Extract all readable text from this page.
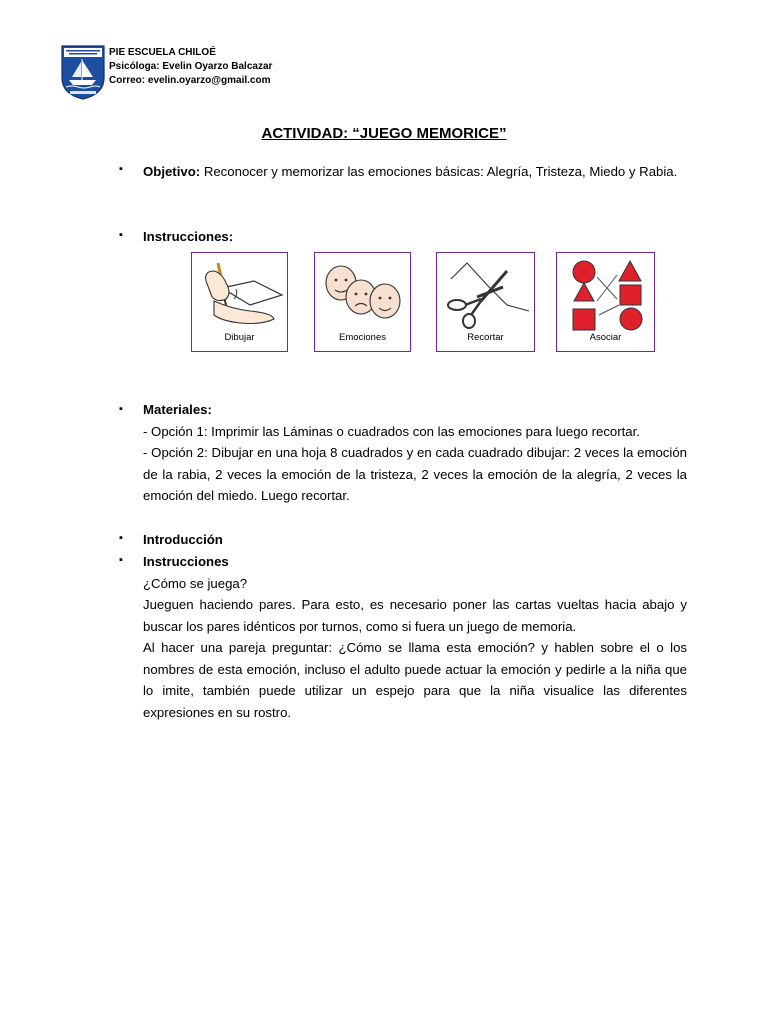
PIE ESCUELA CHILOÉ
Psicóloga: Evelin Oyarzo Balcazar
Correo: evelin.oyarzo@gmail.com
ACTIVIDAD: “JUEGO MEMORICE”
▪
Objetivo: Reconocer y memorizar las emociones básicas: Alegría, Tristeza, Miedo y Rabia.
▪
Instrucciones:
Dibujar	Emociones	Recortar	Asociar
▪
Materiales:
- Opción 1: Imprimir las Láminas o cuadrados con las emociones para luego recortar.
- Opción 2: Dibujar en una hoja 8 cuadrados y en cada cuadrado dibujar: 2 veces la emoción de la rabia, 2 veces la emoción de la tristeza, 2 veces la emoción de la alegría, 2 veces la emoción del miedo. Luego recortar.
▪
Introducción
▪
Instrucciones
¿Cómo se juega?
Jueguen haciendo pares. Para esto, es necesario poner las cartas vueltas hacia abajo y buscar los pares idénticos por turnos, como si fuera un juego de memoria.
Al hacer una pareja preguntar: ¿Cómo se llama esta emoción? y hablen sobre el o los nombres de esta emoción, incluso el adulto puede actuar la emoción y pedirle a la niña que lo imite, también puede utilizar un espejo para que la niña visualice las diferentes expresiones en su rostro.
